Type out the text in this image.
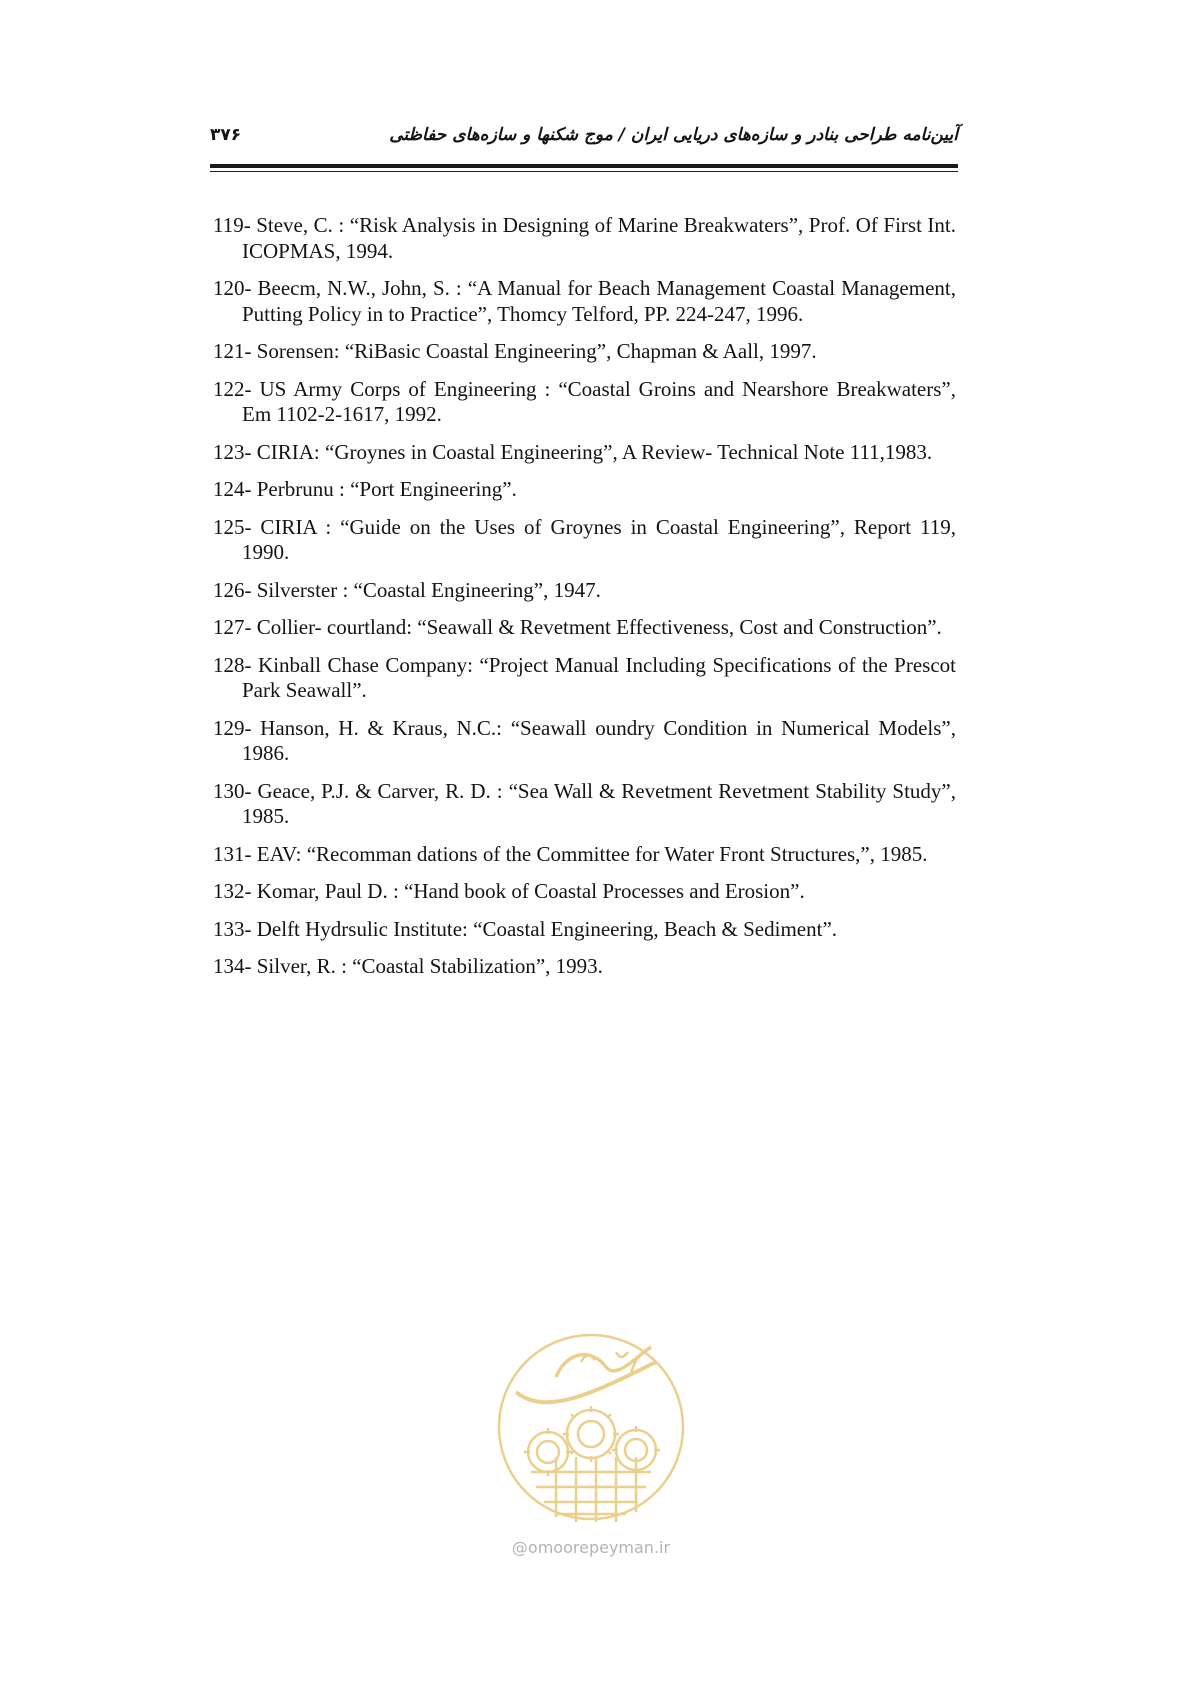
۳۷۶	آیین‌نامه طراحی بنادر و سازه‌های دریایی ایران / موج شکنها و سازه‌های حفاظتی
119- Steve, C. : “Risk Analysis in Designing of Marine Breakwaters”, Prof. Of First Int. ICOPMAS, 1994.
120- Beecm, N.W., John, S. : “A Manual for Beach Management Coastal Management, Putting Policy in to Practice”, Thomcy Telford, PP. 224-247, 1996.
121- Sorensen: “RiBasic Coastal Engineering”, Chapman & Aall, 1997.
122- US Army Corps of Engineering : “Coastal Groins and Nearshore Breakwaters”, Em 1102-2-1617, 1992.
123- CIRIA: “Groynes in Coastal Engineering”, A Review- Technical Note 111,1983.
124- Perbrunu : “Port Engineering”.
125- CIRIA : “Guide on the Uses of Groynes in Coastal Engineering”, Report 119, 1990.
126- Silverster : “Coastal Engineering”, 1947.
127- Collier- courtland: “Seawall & Revetment Effectiveness, Cost and Construction”.
128- Kinball Chase Company: “Project Manual Including Specifications of the Prescot Park Seawall”.
129- Hanson, H. & Kraus, N.C.: “Seawall oundry Condition in Numerical Models”, 1986.
130- Geace, P.J. & Carver, R. D. : “Sea Wall & Revetment Revetment Stability Study”, 1985.
131- EAV: “Recomman dations of the Committee for Water Front Structures,”, 1985.
132- Komar, Paul D. : “Hand book of Coastal Processes and Erosion”.
133- Delft Hydrsulic Institute: “Coastal Engineering, Beach & Sediment”.
134- Silver, R. : “Coastal Stabilization”, 1993.
@omoorepeyman.ir
